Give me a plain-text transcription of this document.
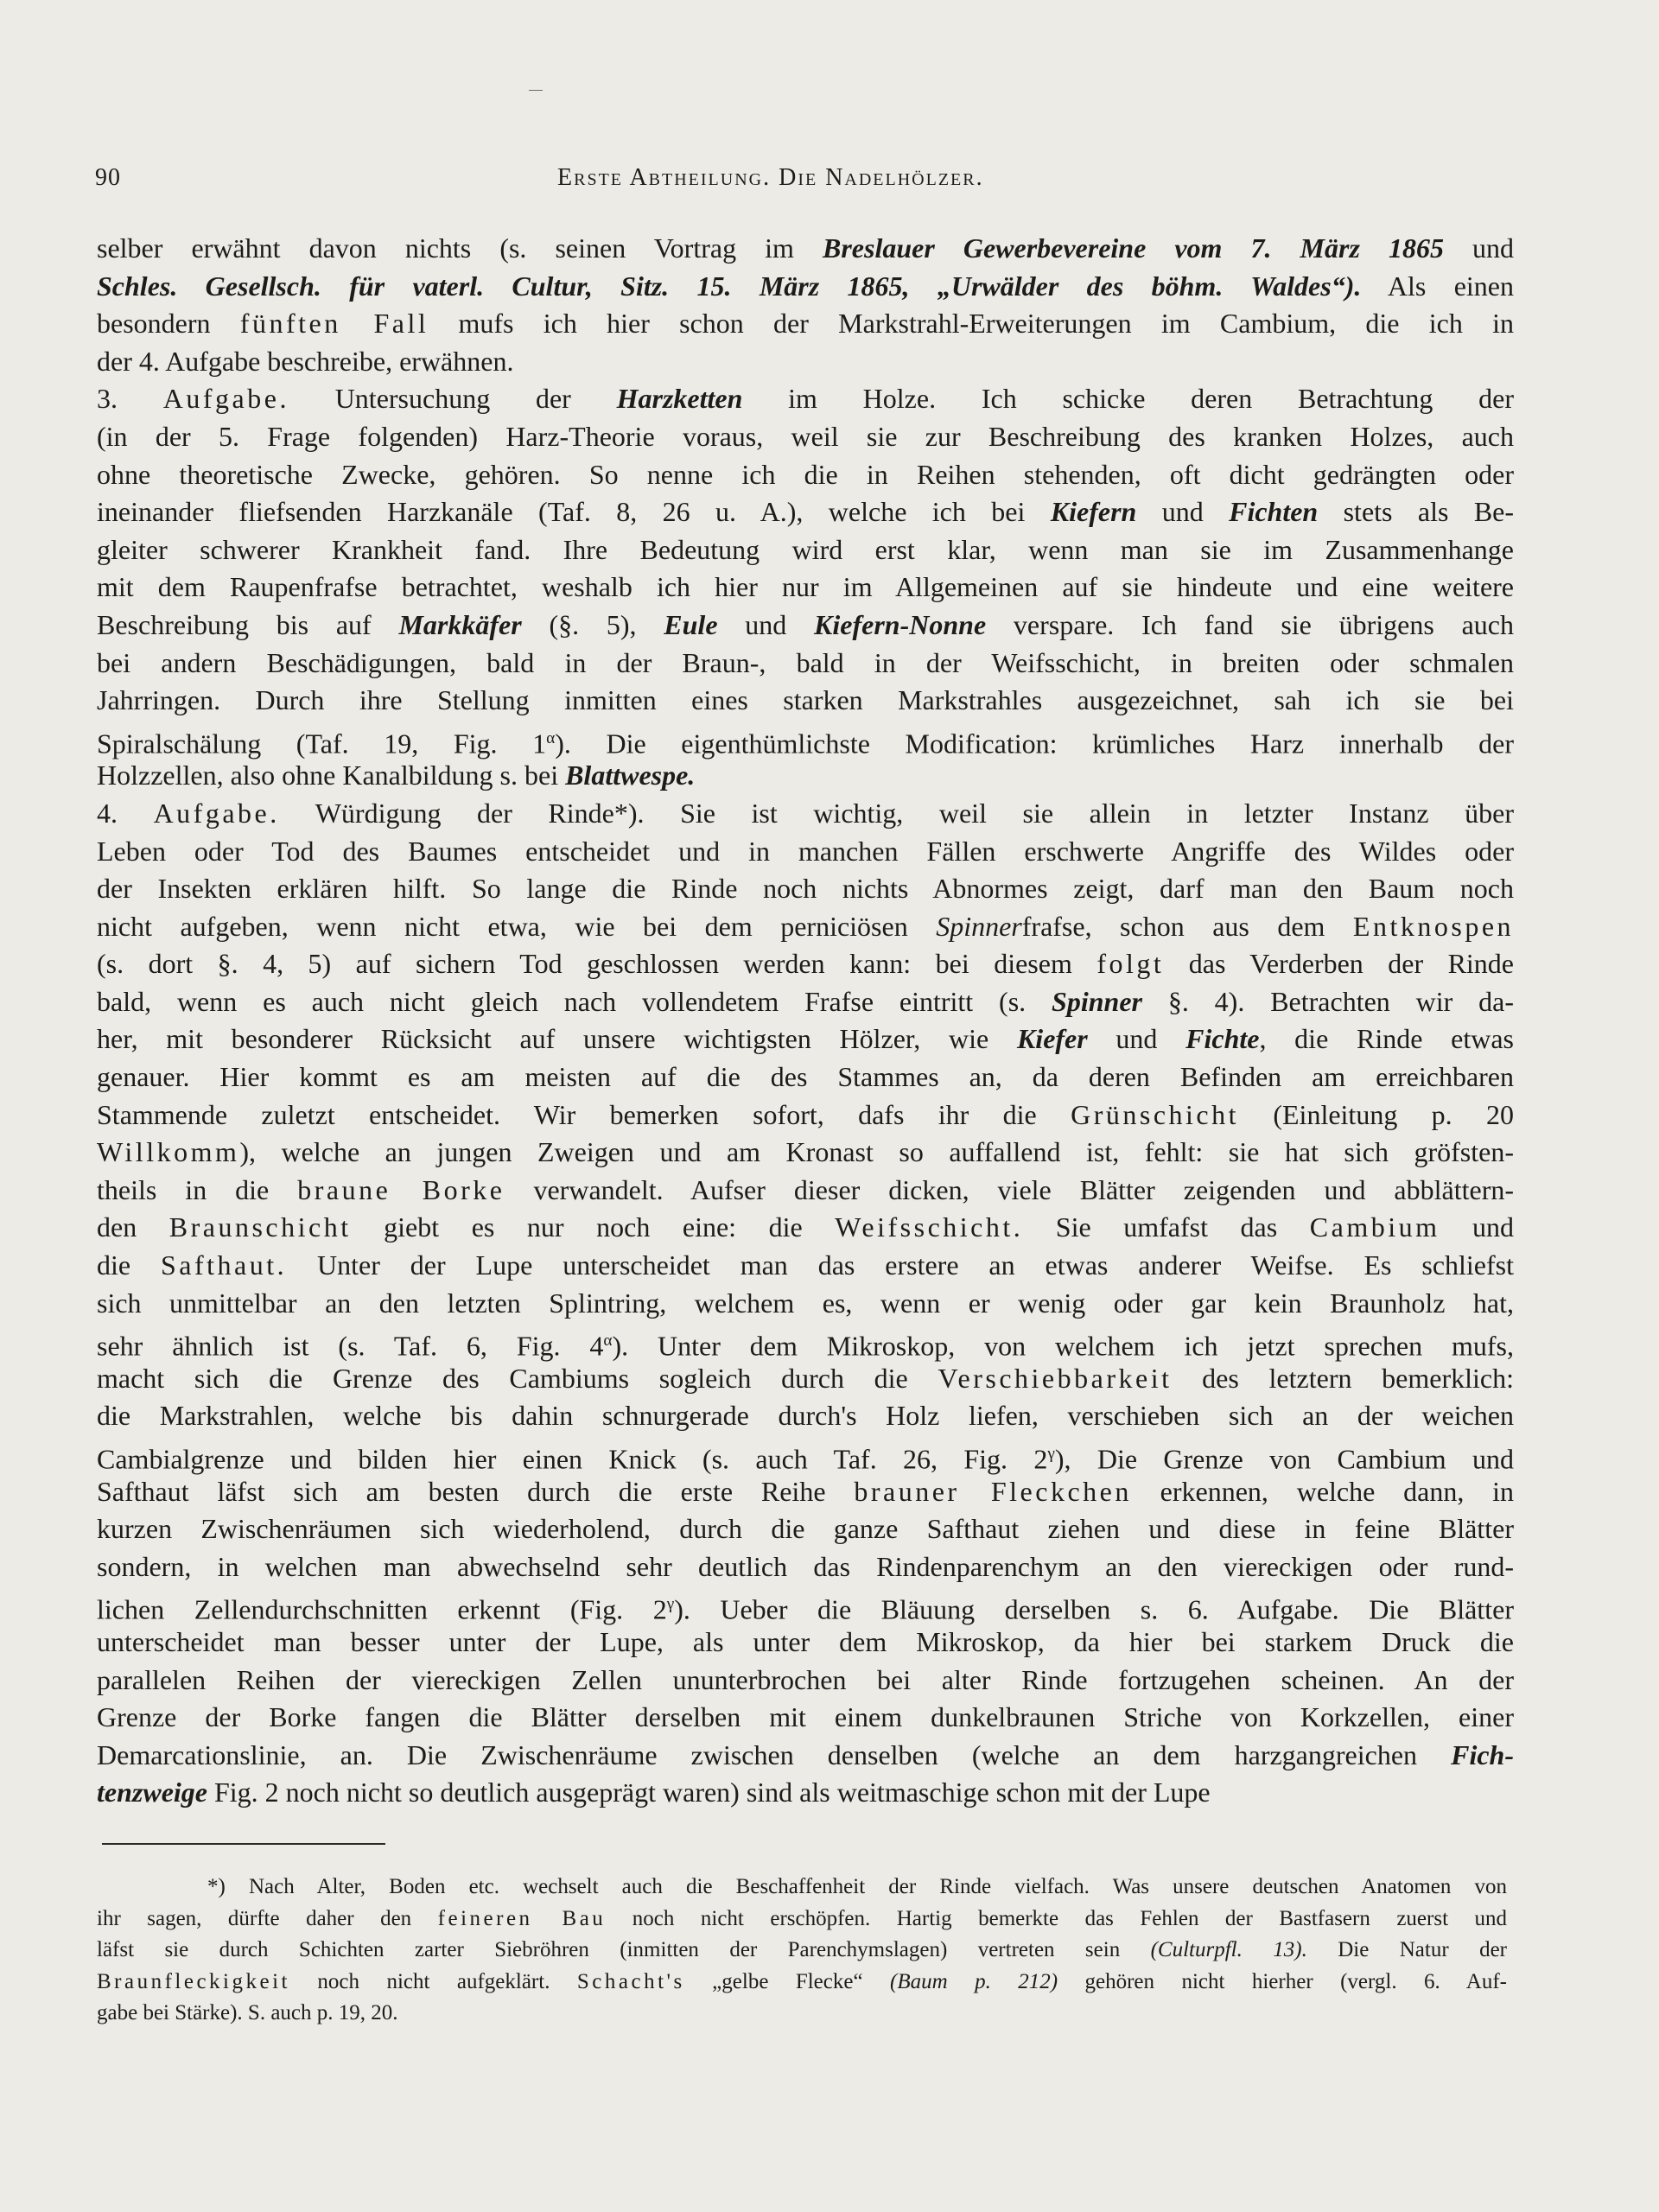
90	Erste Abtheilung. Die Nadelhölzer.
selber erwähnt davon nichts (s. seinen Vortrag im Breslauer Gewerbevereine vom 7. März 1865 und
Schles. Gesellsch. für vaterl. Cultur, Sitz. 15. März 1865, „Urwälder des böhm. Waldes“). Als einen
besondern fünften Fall mufs ich hier schon der Markstrahl-Erweiterungen im Cambium, die ich in
der 4. Aufgabe beschreibe, erwähnen.
3. Aufgabe. Untersuchung der Harzketten im Holze. Ich schicke deren Betrachtung der
(in der 5. Frage folgenden) Harz-Theorie voraus, weil sie zur Beschreibung des kranken Holzes, auch
ohne theoretische Zwecke, gehören. So nenne ich die in Reihen stehenden, oft dicht gedrängten oder
ineinander fliefsenden Harzkanäle (Taf. 8, 26 u. A.), welche ich bei Kiefern und Fichten stets als Be-
gleiter schwerer Krankheit fand. Ihre Bedeutung wird erst klar, wenn man sie im Zusammenhange
mit dem Raupenfrafse betrachtet, weshalb ich hier nur im Allgemeinen auf sie hindeute und eine weitere
Beschreibung bis auf Markkäfer (§. 5), Eule und Kiefern-Nonne verspare. Ich fand sie übrigens auch
bei andern Beschädigungen, bald in der Braun-, bald in der Weifsschicht, in breiten oder schmalen
Jahrringen. Durch ihre Stellung inmitten eines starken Markstrahles ausgezeichnet, sah ich sie bei
Spiralschälung (Taf. 19, Fig. $1^\alpha$). Die eigenthümlichste Modification: krümliches Harz innerhalb der
Holzzellen, also ohne Kanalbildung s. bei Blattwespe.
4. Aufgabe. Würdigung der Rinde*). Sie ist wichtig, weil sie allein in letzter Instanz über
Leben oder Tod des Baumes entscheidet und in manchen Fällen erschwerte Angriffe des Wildes oder
der Insekten erklären hilft. So lange die Rinde noch nichts Abnormes zeigt, darf man den Baum noch
nicht aufgeben, wenn nicht etwa, wie bei dem perniciösen Spinnerfrafse, schon aus dem Entknospen
(s. dort §. 4, 5) auf sichern Tod geschlossen werden kann: bei diesem folgt das Verderben der Rinde
bald, wenn es auch nicht gleich nach vollendetem Frafse eintritt (s. Spinner §. 4). Betrachten wir da-
her, mit besonderer Rücksicht auf unsere wichtigsten Hölzer, wie Kiefer und Fichte, die Rinde etwas
genauer. Hier kommt es am meisten auf die des Stammes an, da deren Befinden am erreichbaren
Stammende zuletzt entscheidet. Wir bemerken sofort, dafs ihr die Grünschicht (Einleitung p. 20
Willkomm), welche an jungen Zweigen und am Kronast so auffallend ist, fehlt: sie hat sich gröfsten-
theils in die braune Borke verwandelt. Aufser dieser dicken, viele Blätter zeigenden und abblättern-
den Braunschicht giebt es nur noch eine: die Weifsschicht. Sie umfafst das Cambium und
die Safthaut. Unter der Lupe unterscheidet man das erstere an etwas anderer Weifse. Es schliefst
sich unmittelbar an den letzten Splintring, welchem es, wenn er wenig oder gar kein Braunholz hat,
sehr ähnlich ist (s. Taf. 6, Fig. $4^\alpha$). Unter dem Mikroskop, von welchem ich jetzt sprechen mufs,
macht sich die Grenze des Cambiums sogleich durch die Verschiebbarkeit des letztern bemerklich:
die Markstrahlen, welche bis dahin schnurgerade durch's Holz liefen, verschieben sich an der weichen
Cambialgrenze und bilden hier einen Knick (s. auch Taf. 26, Fig. $2^\gamma$), Die Grenze von Cambium und
Safthaut läfst sich am besten durch die erste Reihe brauner Fleckchen erkennen, welche dann, in
kurzen Zwischenräumen sich wiederholend, durch die ganze Safthaut ziehen und diese in feine Blätter
sondern, in welchen man abwechselnd sehr deutlich das Rindenparenchym an den viereckigen oder rund-
lichen Zellendurchschnitten erkennt (Fig. $2^\gamma$). Ueber die Bläuung derselben s. 6. Aufgabe. Die Blätter
unterscheidet man besser unter der Lupe, als unter dem Mikroskop, da hier bei starkem Druck die
parallelen Reihen der viereckigen Zellen ununterbrochen bei alter Rinde fortzugehen scheinen. An der
Grenze der Borke fangen die Blätter derselben mit einem dunkelbraunen Striche von Korkzellen, einer
Demarcationslinie, an. Die Zwischenräume zwischen denselben (welche an dem harzgangreichen Fich-
tenzweige Fig. 2 noch nicht so deutlich ausgeprägt waren) sind als weitmaschige schon mit der Lupe
*) Nach Alter, Boden etc. wechselt auch die Beschaffenheit der Rinde vielfach. Was unsere deutschen Anatomen von
ihr sagen, dürfte daher den feineren Bau noch nicht erschöpfen. Hartig bemerkte das Fehlen der Bastfasern zuerst und
läfst sie durch Schichten zarter Siebröhren (inmitten der Parenchymslagen) vertreten sein (Culturpfl. 13). Die Natur der
Braunfleckigkeit noch nicht aufgeklärt. Schacht's „gelbe Flecke“ (Baum p. 212) gehören nicht hierher (vergl. 6. Auf-
gabe bei Stärke). S. auch p. 19, 20.
